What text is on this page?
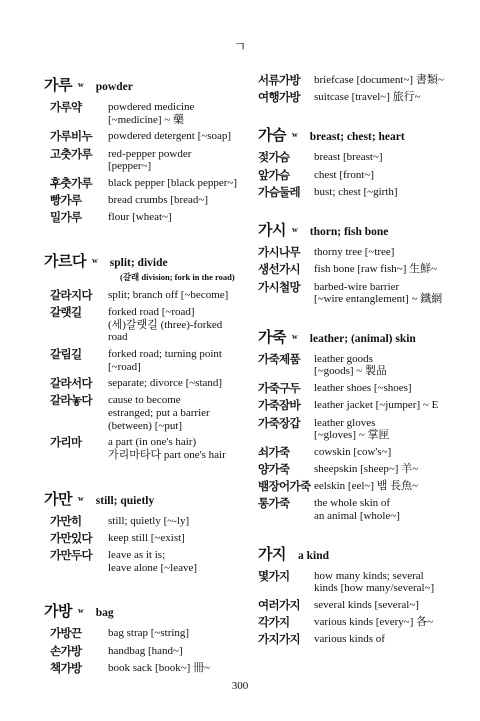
ㄱ
가루 w powder
가루약	powdered medicine
[~medicine] ~ 藥
가루비누	powdered detergent [~soap]
고춧가루	red-pepper powder
[pepper~]
후춧가루	black pepper [black pepper~]
빵가루	bread crumbs [bread~]
밀가루	flour [wheat~]
가르다 w split; divide
(갈래 division; fork in the road)
갈라지다	split; branch off [~become]
갈랫길	forked road [~road]
(세)갈랫길 (three)-forked road
갈림길	forked road; turning point
[~road]
갈라서다	separate; divorce [~stand]
갈라놓다	cause to become
estranged; put a barrier
(between) [~put]
가리마	a part (in one's hair)
가리마타다 part one's hair
가만 w still; quietly
가만히	still; quietly [~-ly]
가만있다	keep still [~exist]
가만두다	leave as it is;
leave alone [~leave]
가방 w bag
가방끈	bag strap [~string]
손가방	handbag [hand~]
책가방	book sack [book~] 冊~
서류가방	briefcase [document~] 書類~
여행가방	suitcase [travel~] 旅行~
가슴 w breast; chest; heart
젖가슴	breast [breast~]
앞가슴	chest [front~]
가슴둘레	bust; chest [~girth]
가시 w thorn; fish bone
가시나무	thorny tree [~tree]
생선가시	fish bone [raw fish~] 生鮮~
가시철망	barbed-wire barrier
[~wire entanglement] ~ 鐵網
가죽 w leather; (animal) skin
가죽제품	leather goods
[~goods] ~ 製品
가죽구두	leather shoes [~shoes]
가죽잠바	leather jacket [~jumper] ~ E
가죽장갑	leather gloves
[~gloves] ~ 掌匣
쇠가죽	cowskin [cow's~]
양가죽	sheepskin [sheep~] 羊~
뱀장어가죽 eelskin [eel~] 뱀 長魚~
통가죽	the whole skin of
an animal [whole~]
가지 a kind
몇가지	how many kinds; several
kinds [how many/several~]
여러가지	several kinds [several~]
각가지	various kinds [every~] 各~
가지가지	various kinds of
300
